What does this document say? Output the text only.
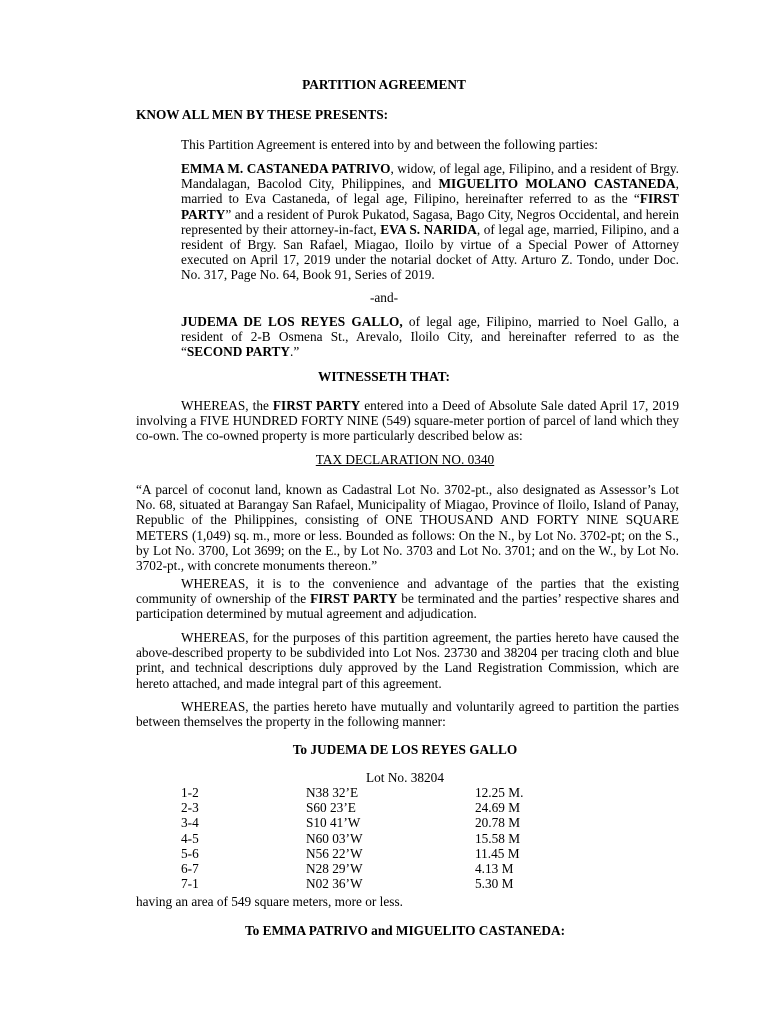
PARTITION AGREEMENT

KNOW ALL MEN BY THESE PRESENTS:

This Partition Agreement is entered into by and between the following parties:

EMMA M. CASTANEDA PATRIVO, widow, of legal age, Filipino, and a resident of Brgy. Mandalagan, Bacolod City, Philippines, and MIGUELITO MOLANO CASTANEDA, married to Eva Castaneda, of legal age, Filipino, hereinafter referred to as the “FIRST PARTY” and a resident of Purok Pukatod, Sagasa, Bago City, Negros Occidental, and herein represented by their attorney-in-fact, EVA S. NARIDA, of legal age, married, Filipino, and a resident of Brgy. San Rafael, Miagao, Iloilo by virtue of a Special Power of Attorney executed on April 17, 2019 under the notarial docket of Atty. Arturo Z. Tondo, under Doc. No. 317, Page No. 64, Book 91, Series of 2019.

-and-

JUDEMA DE LOS REYES GALLO, of legal age, Filipino, married to Noel Gallo, a resident of 2-B Osmena St., Arevalo, Iloilo City, and hereinafter referred to as the “SECOND PARTY.”

WITNESSETH THAT:

WHEREAS, the FIRST PARTY entered into a Deed of Absolute Sale dated April 17, 2019 involving a FIVE HUNDRED FORTY NINE (549) square-meter portion of parcel of land which they co-own. The co-owned property is more particularly described below as:

TAX DECLARATION NO. 0340

“A parcel of coconut land, known as Cadastral Lot No. 3702-pt., also designated as Assessor’s Lot No. 68, situated at Barangay San Rafael, Municipality of Miagao, Province of Iloilo, Island of Panay, Republic of the Philippines, consisting of ONE THOUSAND AND FORTY NINE SQUARE METERS (1,049) sq. m., more or less. Bounded as follows: On the N., by Lot No. 3702-pt; on the S., by Lot No. 3700, Lot 3699; on the E., by Lot No. 3703 and Lot No. 3701; and on the W., by Lot No. 3702-pt., with concrete monuments thereon.”

WHEREAS, it is to the convenience and advantage of the parties that the existing community of ownership of the FIRST PARTY be terminated and the parties’ respective shares and participation determined by mutual agreement and adjudication.

WHEREAS, for the purposes of this partition agreement, the parties hereto have caused the above-described property to be subdivided into Lot Nos. 23730 and 38204 per tracing cloth and blue print, and technical descriptions duly approved by the Land Registration Commission, which are hereto attached, and made integral part of this agreement.

WHEREAS, the parties hereto have mutually and voluntarily agreed to partition the parties between themselves the property in the following manner:

To JUDEMA DE LOS REYES GALLO

Lot No. 38204

1-2	N38 32’E	12.25 M.
2-3	S60 23’E	24.69 M
3-4	S10 41’W	20.78 M
4-5	N60 03’W	15.58 M
5-6	N56 22’W	11.45 M
6-7	N28 29’W	4.13 M
7-1	N02 36’W	5.30 M

having an area of 549 square meters, more or less.

To EMMA PATRIVO and MIGUELITO CASTANEDA:
